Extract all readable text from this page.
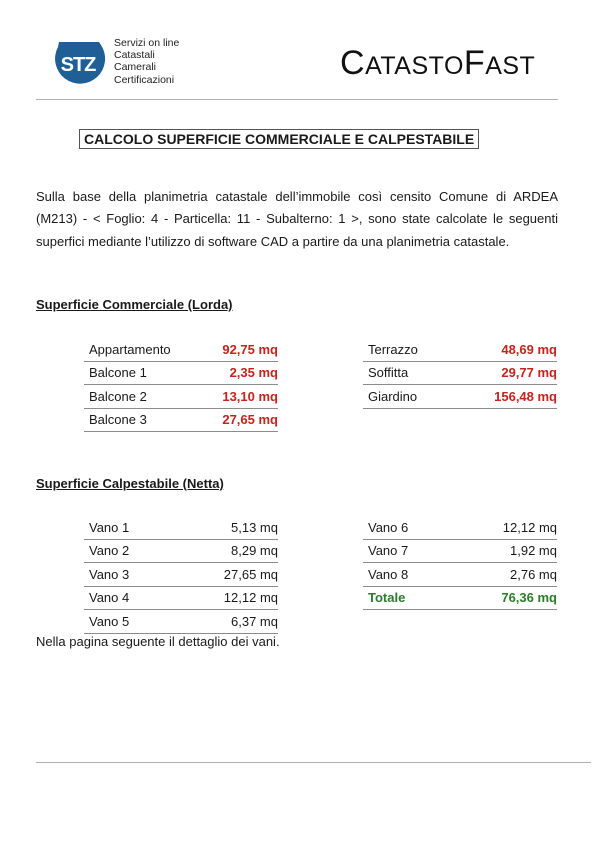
STZ
Servizi on line
Catastali
Camerali
Certificazioni	CATASTOFAST
CALCOLO SUPERFICIE COMMERCIALE E CALPESTABILE
Sulla base della planimetria catastale dell’immobile così censito Comune di ARDEA (M213) - < Foglio: 4 - Particella: 11 - Subalterno: 1 >, sono state calcolate le seguenti superfici mediante l’utilizzo di software CAD a partire da una planimetria catastale.
Superficie Commerciale (Lorda)
Appartamento	92,75 mq
Balcone 1	2,35 mq
Balcone 2	13,10 mq
Balcone 3	27,65 mq
Terrazzo	48,69 mq
Soffitta	29,77 mq
Giardino	156,48 mq
Superficie Calpestabile (Netta)
Vano 1	5,13 mq
Vano 2	8,29 mq
Vano 3	27,65 mq
Vano 4	12,12 mq
Vano 5	6,37 mq
Vano 6	12,12 mq
Vano 7	1,92 mq
Vano 8	2,76 mq
Totale	76,36 mq
Nella pagina seguente il dettaglio dei vani.
